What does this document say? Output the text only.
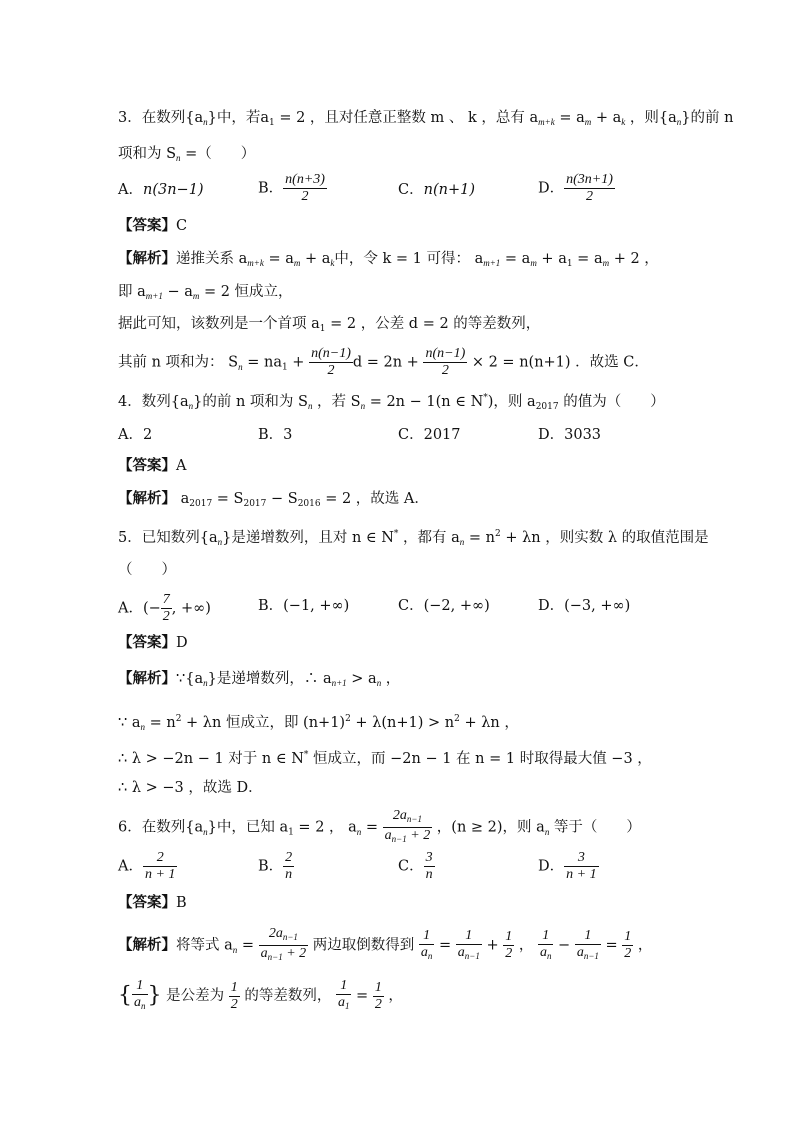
3．在数列$\{a_n\}$中，若$a_1 = 2$ ，且对任意正整数 m 、 k ，总有 $a_{m+k} = a_m + a_k$ ，则$\{a_n\}$的前 n
项和为 $S_n$ =（　　）
A．n(3n−1)	B． $\frac{n(n+3)}{2}$	C．n(n+1)	D． $\frac{n(3n+1)}{2}$
【答案】C
【解析】递推关系 $a_{m+k} = a_m + a_k$中，令 k = 1 可得： $a_{m+1} = a_m + a_1 = a_m + 2$ ，
即 $a_{m+1} - a_m = 2$ 恒成立，
据此可知，该数列是一个首项 $a_1 = 2$ ，公差 d = 2 的等差数列，
其前 n 项和为： $S_n = na_1 + \frac{n(n-1)}{2}$ $d = 2n + \frac{n(n-1)}{2} \times 2 = n(n+1)$ ．故选 C．
4．数列$\{a_n\}$的前 n 项和为 $S_n$ ，若 $S_n = 2n - 1(n$ ∈ N*)，则 $a_{2017}$ 的值为（　　）
A．2	B．3	C．2017	D．3033
【答案】A
【解析】 $a_{2017} = S_{2017} - S_{2016} = 2$ ，故选 A．
5．已知数列$\{a_n\}$是递增数列，且对 n ∈ N* ，都有 $a_n = n^2 + \lambda n$ ，则实数 λ 的取值范围是
（　　）
A．(− $\frac{7}{2}$ , +∞)	B．(−1, +∞)	C．(−2, +∞)	D．(−3, +∞)
【答案】D
【解析】$\because\{a_n\}$是递增数列，∴ $a_{n+1} > a_n$ ，
∵ $a_n = n^2 + \lambda n$ 恒成立，即 $(n+1)^2 + \lambda(n+1) > n^2 + \lambda n$ ，
∴ λ > −2n − 1 对于 n ∈ N* 恒成立，而 −2n − 1 在 n = 1 时取得最大值 −3 ，
∴ λ > −3 ，故选 D．
6．在数列$\{a_n\}$中，已知 $a_1 = 2$ ， $a_n = \frac{2a_{n-1}}{a_{n-1} + 2}$ ，(n ≥ 2)，则 $a_n$ 等于（　　）
A． $\frac{2}{n + 1}$	B． $\frac{2}{n}$	C． $\frac{3}{n}$	D． $\frac{3}{n + 1}$
【答案】B
【解析】将等式 $a_n = \frac{2a_{n-1}}{a_{n-1} + 2}$ 两边取倒数得到 $\frac{1}{a_n} = \frac{1}{a_{n-1}} + \frac{1}{2}$ ， $\frac{1}{a_n} - \frac{1}{a_{n-1}} = \frac{1}{2}$ ，
{ $\frac{1}{a_n}$ } 是公差为 $\frac{1}{2}$ 的等差数列， $\frac{1}{a_1} = \frac{1}{2}$ ，
